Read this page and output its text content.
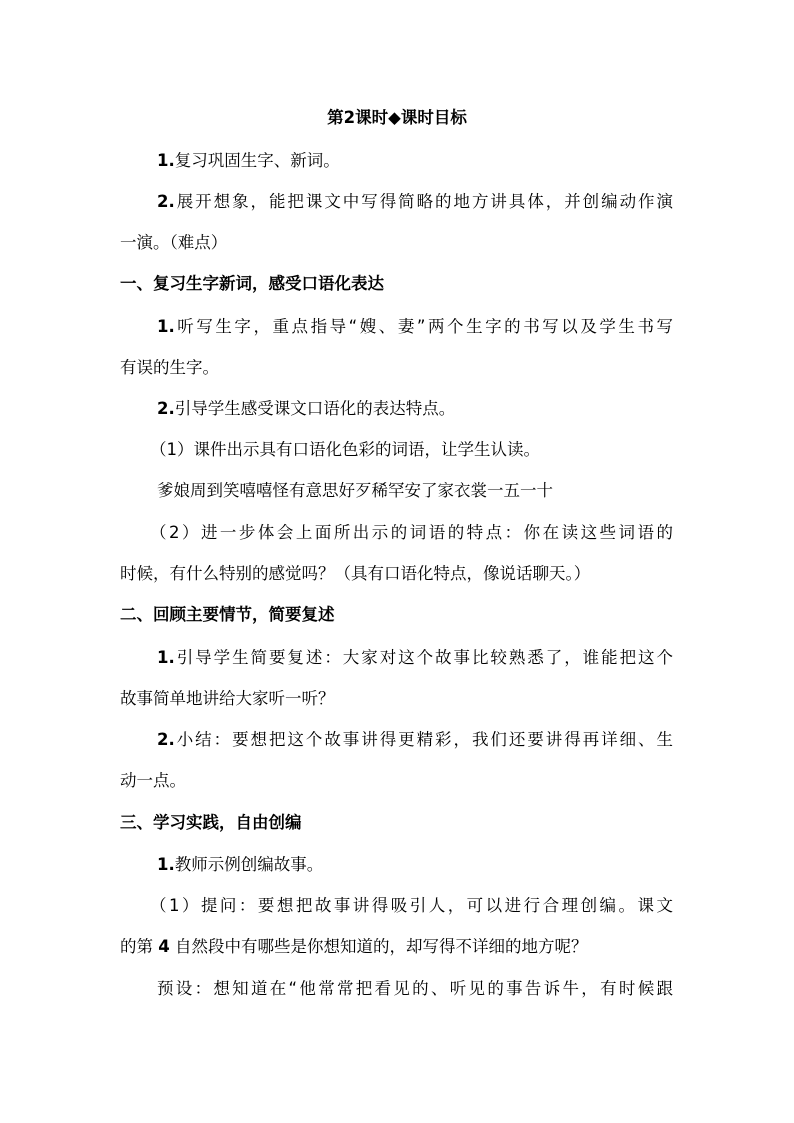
第2课时◆课时目标
1.复习巩固生字、新词。
2.展开想象，能把课文中写得简略的地方讲具体，并创编动作演
一演。（难点）
一、复习生字新词，感受口语化表达
1.听写生字，重点指导“嫂、妻”两个生字的书写以及学生书写
有误的生字。
2.引导学生感受课文口语化的表达特点。
（1）课件出示具有口语化色彩的词语，让学生认读。
爹娘周到笑嘻嘻怪有意思好歹稀罕安了家衣裳一五一十
（2）进一步体会上面所出示的词语的特点：你在读这些词语的
时候，有什么特别的感觉吗？（具有口语化特点，像说话聊天。）
二、回顾主要情节，简要复述
1.引导学生简要复述：大家对这个故事比较熟悉了，谁能把这个
故事简单地讲给大家听一听？
2.小结：要想把这个故事讲得更精彩，我们还要讲得再详细、生
动一点。
三、学习实践，自由创编
1.教师示例创编故事。
（1）提问：要想把故事讲得吸引人，可以进行合理创编。课文
的第 4 自然段中有哪些是你想知道的，却写得不详细的地方呢？
预设：想知道在“他常常把看见的、听见的事告诉牛，有时候跟
